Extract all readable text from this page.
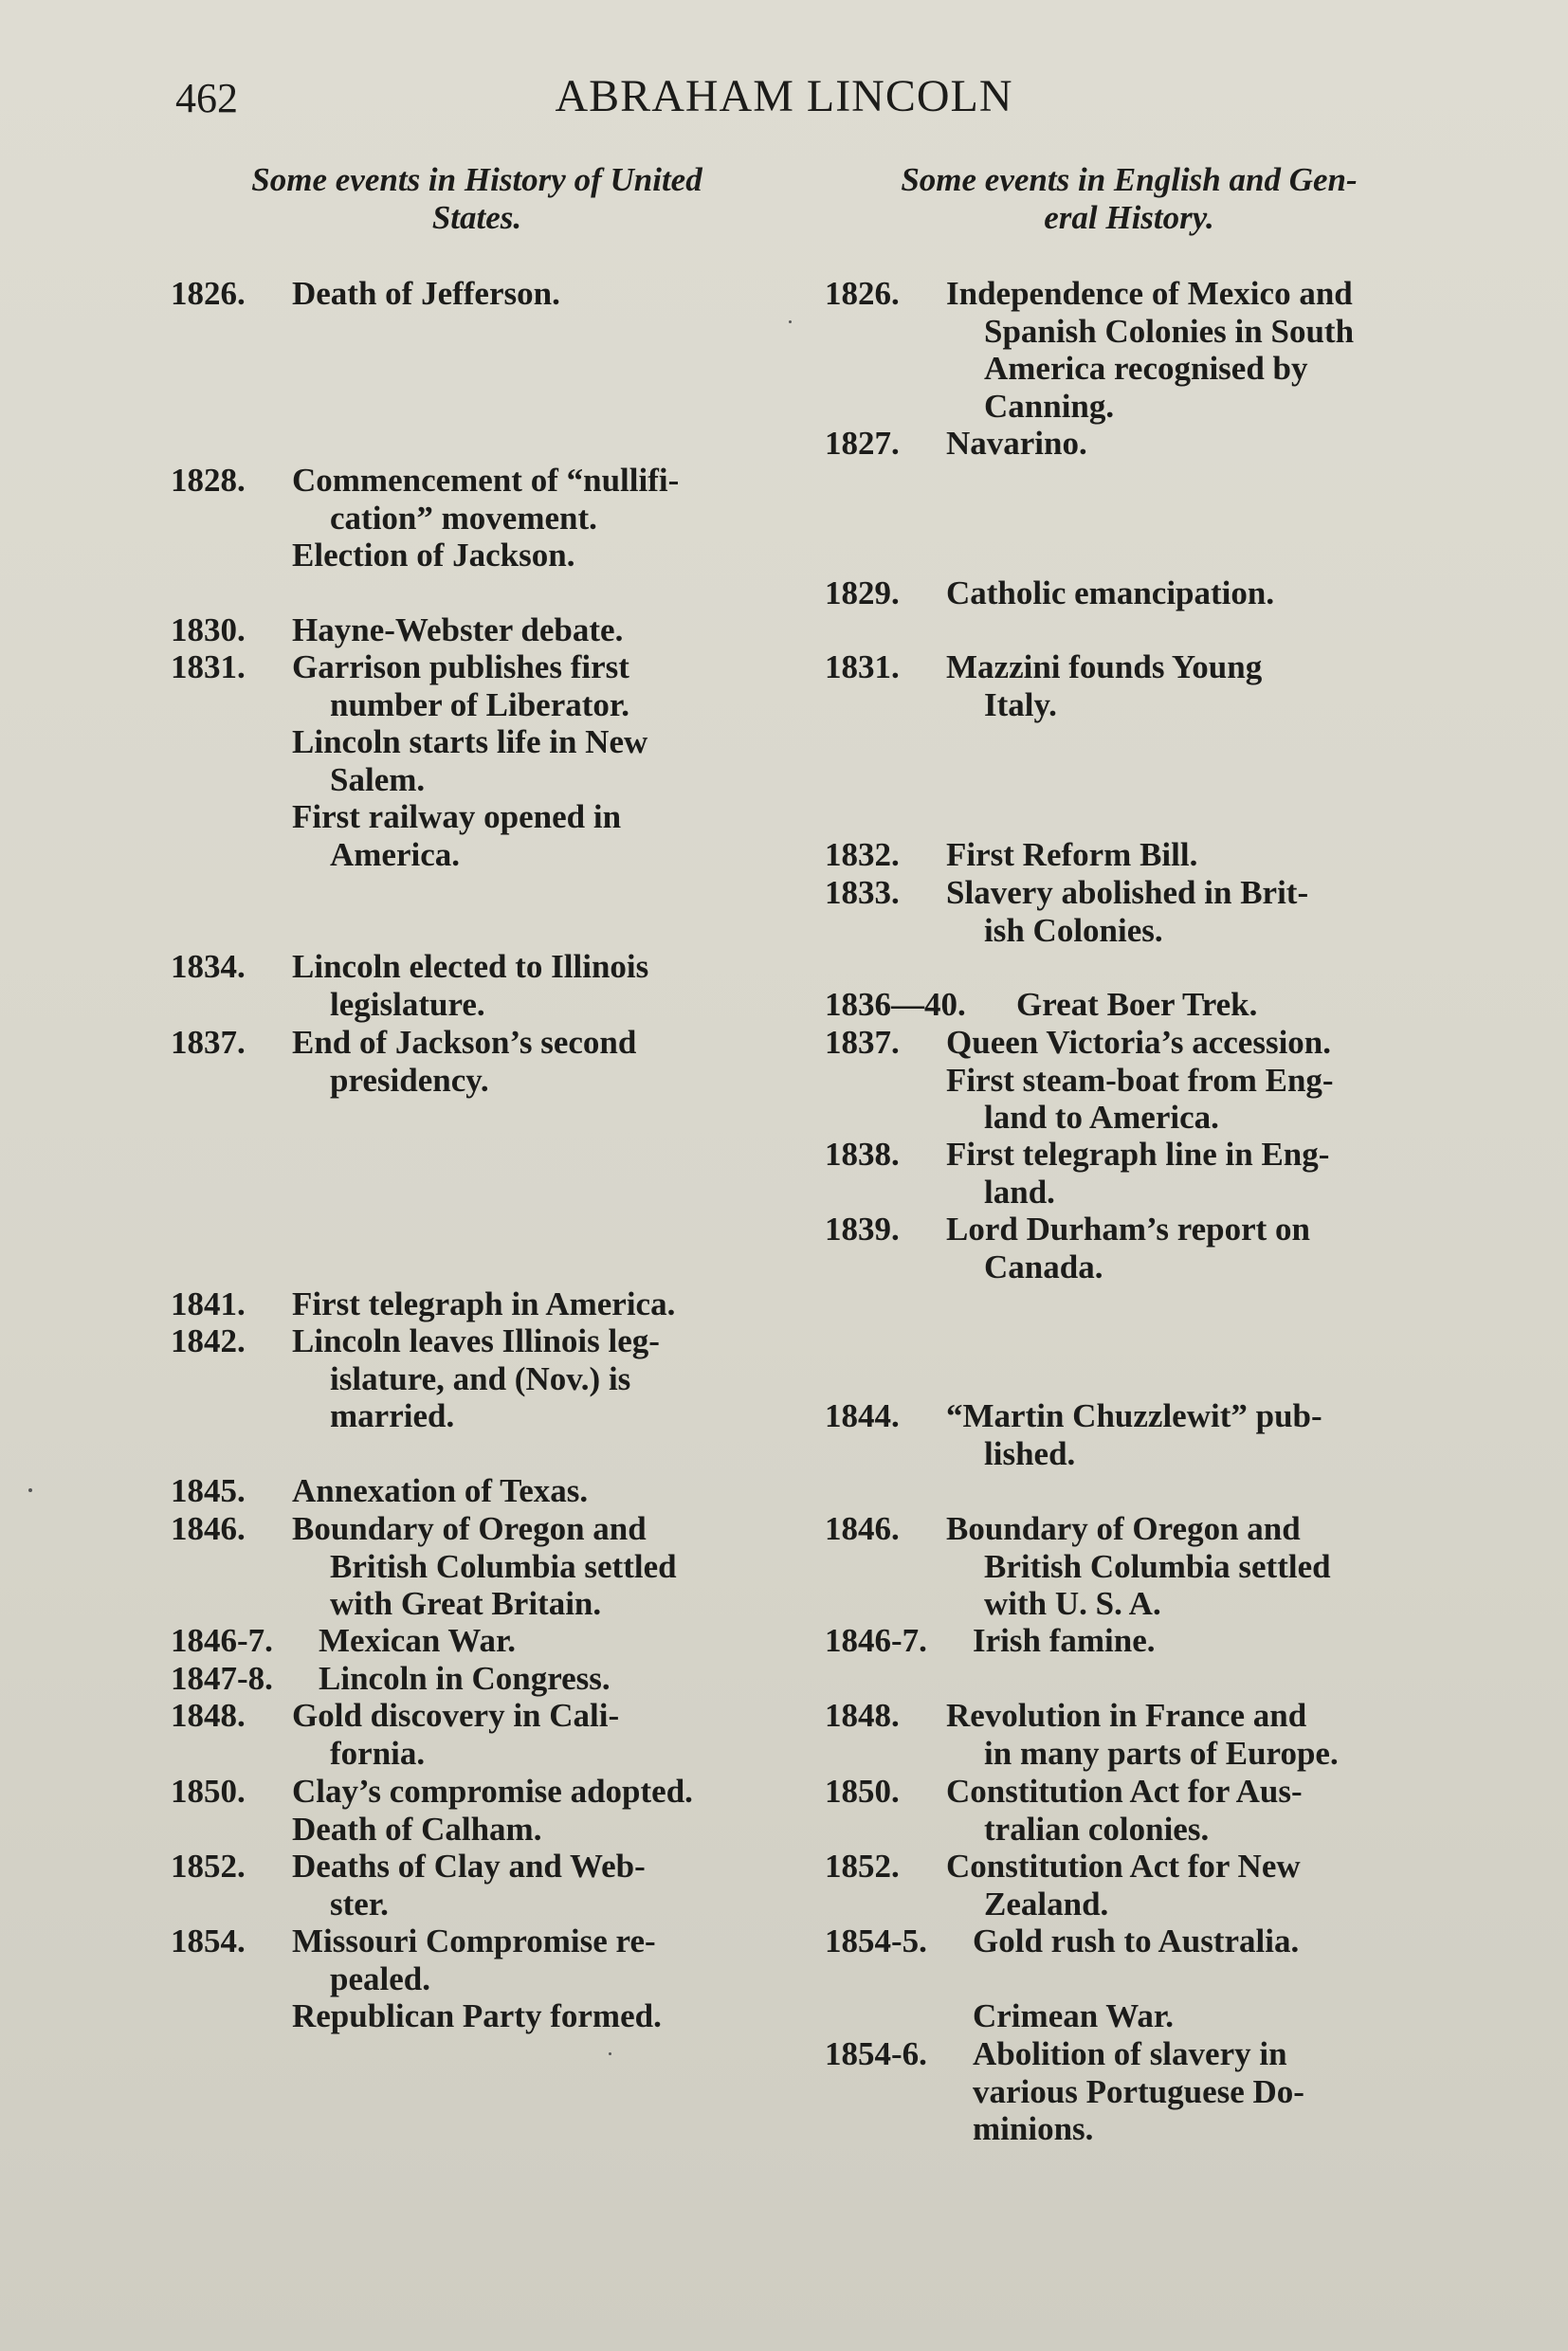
462	ABRAHAM LINCOLN
Some events in History of United
States.
Some events in English and Gen-
eral History.
1826. Death of Jefferson.
1828. Commencement of “nullifi-
cation” movement.
Election of Jackson.
1830. Hayne-Webster debate.
1831. Garrison publishes first
number of Liberator.
Lincoln starts life in New
Salem.
First railway opened in
America.
1834. Lincoln elected to Illinois
legislature.
1837. End of Jackson’s second
presidency.
1841. First telegraph in America.
1842. Lincoln leaves Illinois leg-
islature, and (Nov.) is
married.
1845. Annexation of Texas.
1846. Boundary of Oregon and
British Columbia settled
with Great Britain.
1846-7. Mexican War.
1847-8. Lincoln in Congress.
1848. Gold discovery in Cali-
fornia.
1850. Clay’s compromise adopted.
Death of Calham.
1852. Deaths of Clay and Web-
ster.
1854. Missouri Compromise re-
pealed.
Republican Party formed.
1826. Independence of Mexico and
Spanish Colonies in South
America recognised by
Canning.
1827. Navarino.
1829. Catholic emancipation.
1831. Mazzini founds Young
Italy.
1832. First Reform Bill.
1833. Slavery abolished in Brit-
ish Colonies.
1836—40. Great Boer Trek.
1837. Queen Victoria’s accession.
First steam-boat from Eng-
land to America.
1838. First telegraph line in Eng-
land.
1839. Lord Durham’s report on
Canada.
1844. “Martin Chuzzlewit” pub-
lished.
1846. Boundary of Oregon and
British Columbia settled
with U. S. A.
1846-7. Irish famine.
1848. Revolution in France and
in many parts of Europe.
1850. Constitution Act for Aus-
tralian colonies.
1852. Constitution Act for New
Zealand.
1854-5. Gold rush to Australia.

Crimean War.
1854-6. Abolition of slavery in
various Portuguese Do-
minions.
